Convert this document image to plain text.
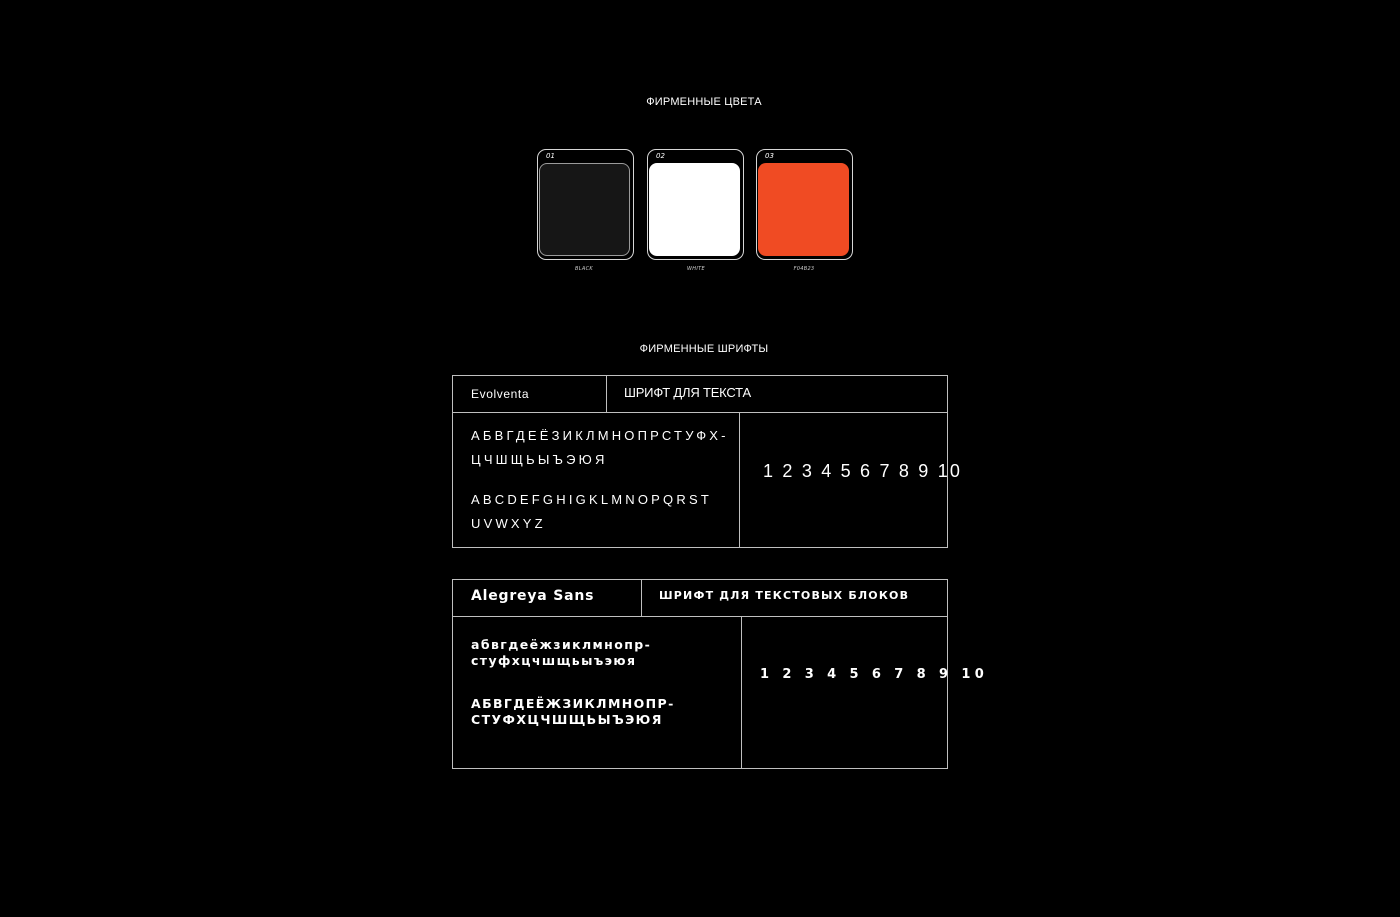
ФИРМЕННЫЕ ЦВЕТА
01
BLACK
02
WHITE
03
F04B23
ФИРМЕННЫЕ ШРИФТЫ
Evolventa	ШРИФТ ДЛЯ ТЕКСТА
АБВГДЕЁЗИКЛМНОПРСТУФХ-
ЦЧШЩЬЫЪЭЮЯ
ABCDEFGHIGKLMNOPQRST
UVWXYZ
1 2 3 4 5 6 7 8 9 10
Alegreya Sans	ШРИФТ ДЛЯ ТЕКСТОВЫХ БЛОКОВ
абвгдеёжзиклмнопр-
стуфхцчшщьыъэюя
АБВГДЕЁЖЗИКЛМНОПР-
СТУФХЦЧШЩЬЫЪЭЮЯ
1 2 3 4 5 6 7 8 9 10
